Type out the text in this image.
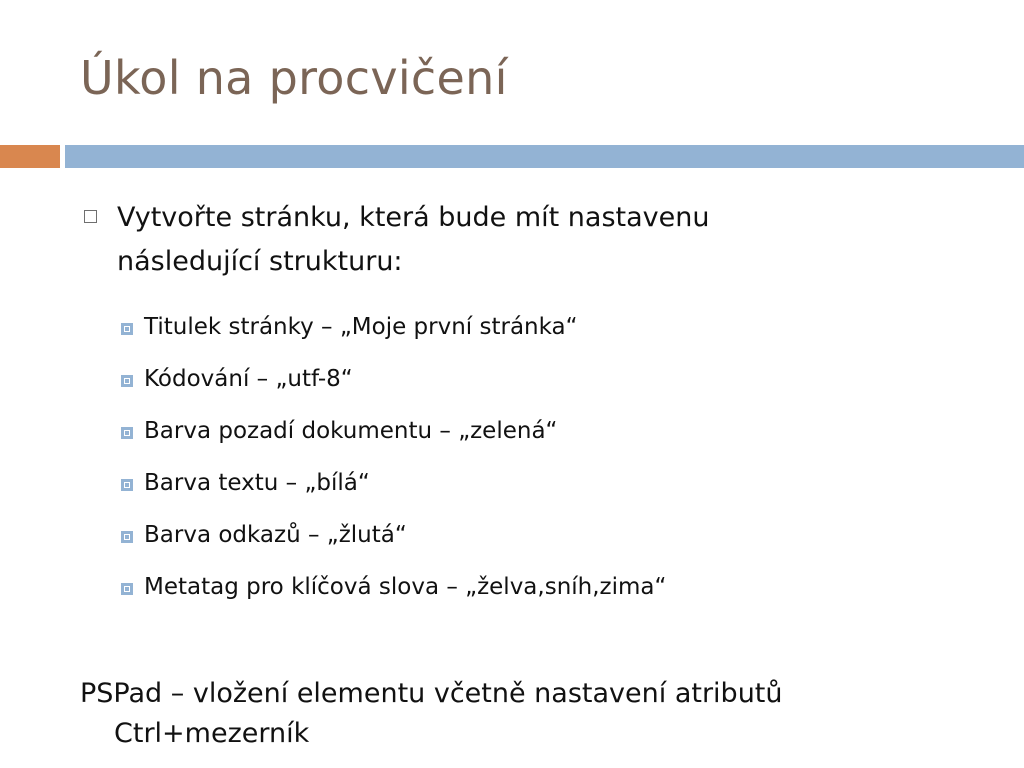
Úkol na procvičení
Vytvořte stránku, která bude mít nastavenu následující strukturu:
Titulek stránky – „Moje první stránka“
Kódování – „utf-8“
Barva pozadí dokumentu – „zelená“
Barva textu – „bílá“
Barva odkazů – „žlutá“
Metatag pro klíčová slova – „želva,sníh,zima“
PSPad – vložení elementu včetně nastavení atributů
Ctrl+mezerník
